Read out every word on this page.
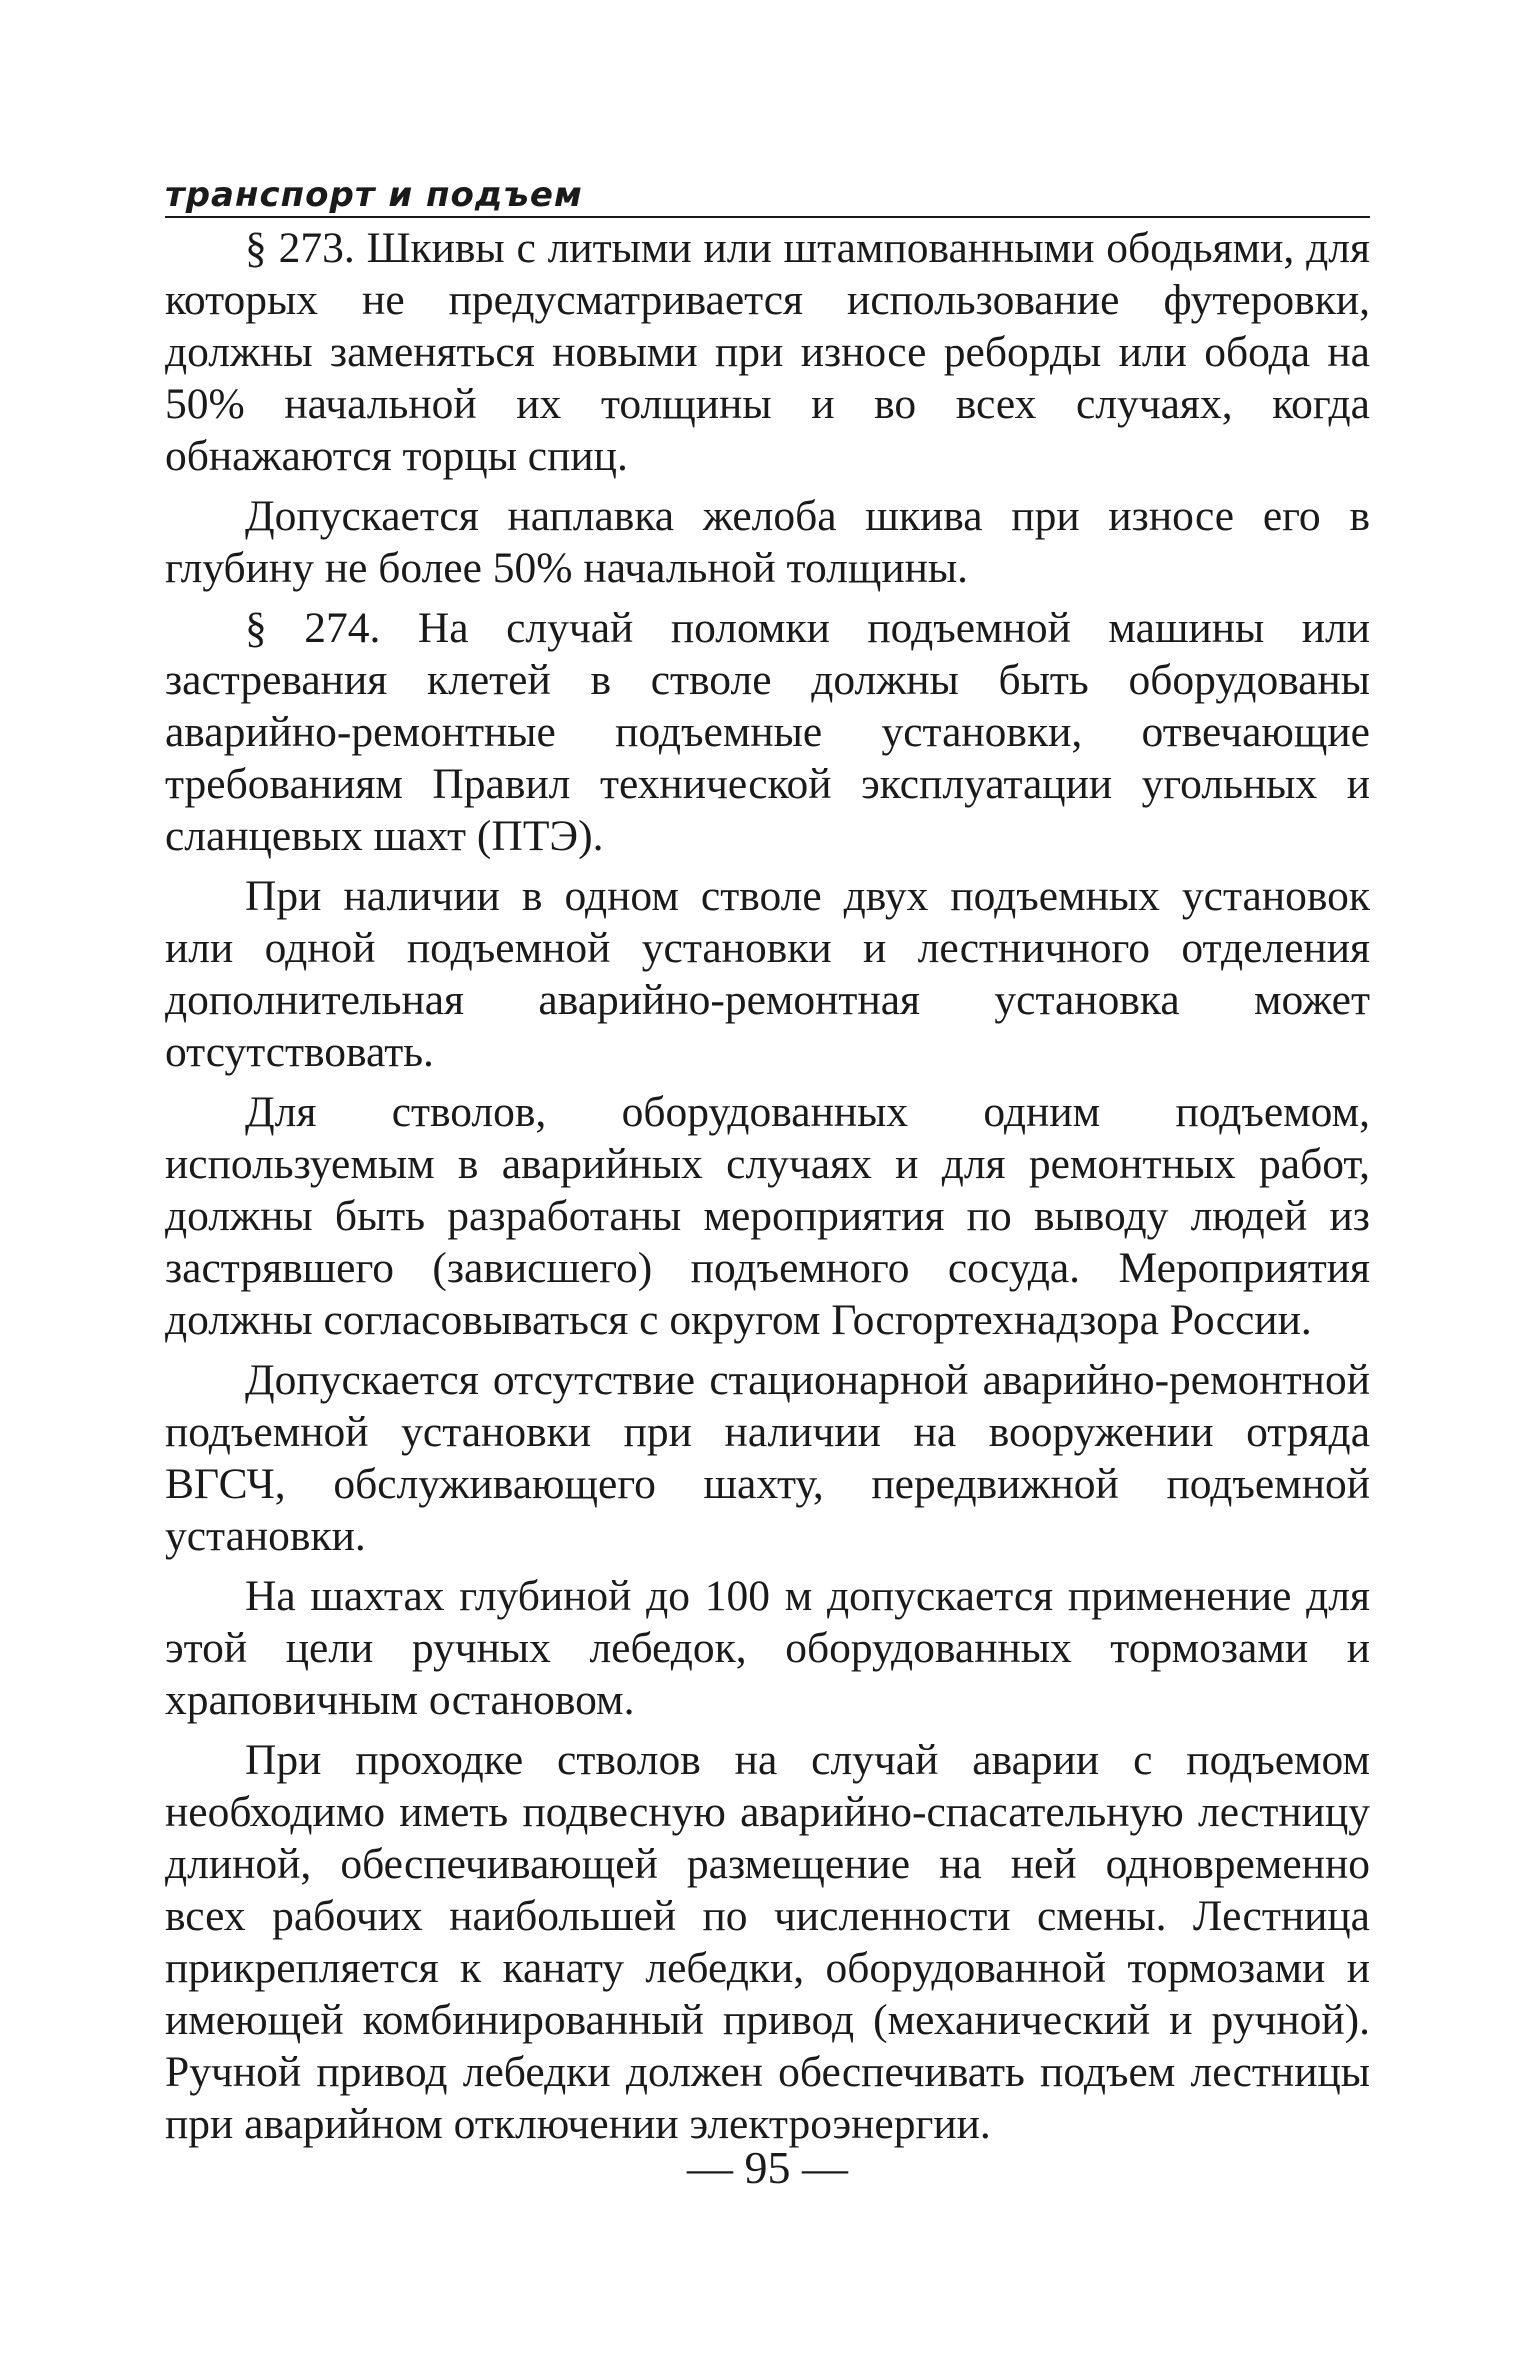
транспорт и подъем

§ 273. Шкивы с литыми или штампованными ободьями, для которых не предусматривается использование футеровки, должны заменяться новыми при износе реборды или обода на 50% начальной их толщины и во всех случаях, когда обнажаются торцы спиц.

Допускается наплавка желоба шкива при износе его в глубину не более 50% начальной толщины.

§ 274. На случай поломки подъемной машины или застревания клетей в стволе должны быть оборудованы аварийно-ремонтные подъемные установки, отвечающие требованиям Правил технической эксплуатации угольных и сланцевых шахт (ПТЭ).

При наличии в одном стволе двух подъемных установок или одной подъемной установки и лестничного отделения дополнительная аварийно-ремонтная установка может отсутствовать.

Для стволов, оборудованных одним подъемом, используемым в аварийных случаях и для ремонтных работ, должны быть разработаны мероприятия по выводу людей из застрявшего (зависшего) подъемного сосуда. Мероприятия должны согласовываться с округом Госгортехнадзора России.

Допускается отсутствие стационарной аварийно-ремонтной подъемной установки при наличии на вооружении отряда ВГСЧ, обслуживающего шахту, передвижной подъемной установки.

На шахтах глубиной до 100 м допускается применение для этой цели ручных лебедок, оборудованных тормозами и храповичным остановом.

При проходке стволов на случай аварии с подъемом необходимо иметь подвесную аварийно-спасательную лестницу длиной, обеспечивающей размещение на ней одновременно всех рабочих наибольшей по численности смены. Лестница прикрепляется к канату лебедки, оборудованной тормозами и имеющей комбинированный привод (механический и ручной). Ручной привод лебедки должен обеспечивать подъем лестницы при аварийном отключении электроэнергии.

— 95 —
